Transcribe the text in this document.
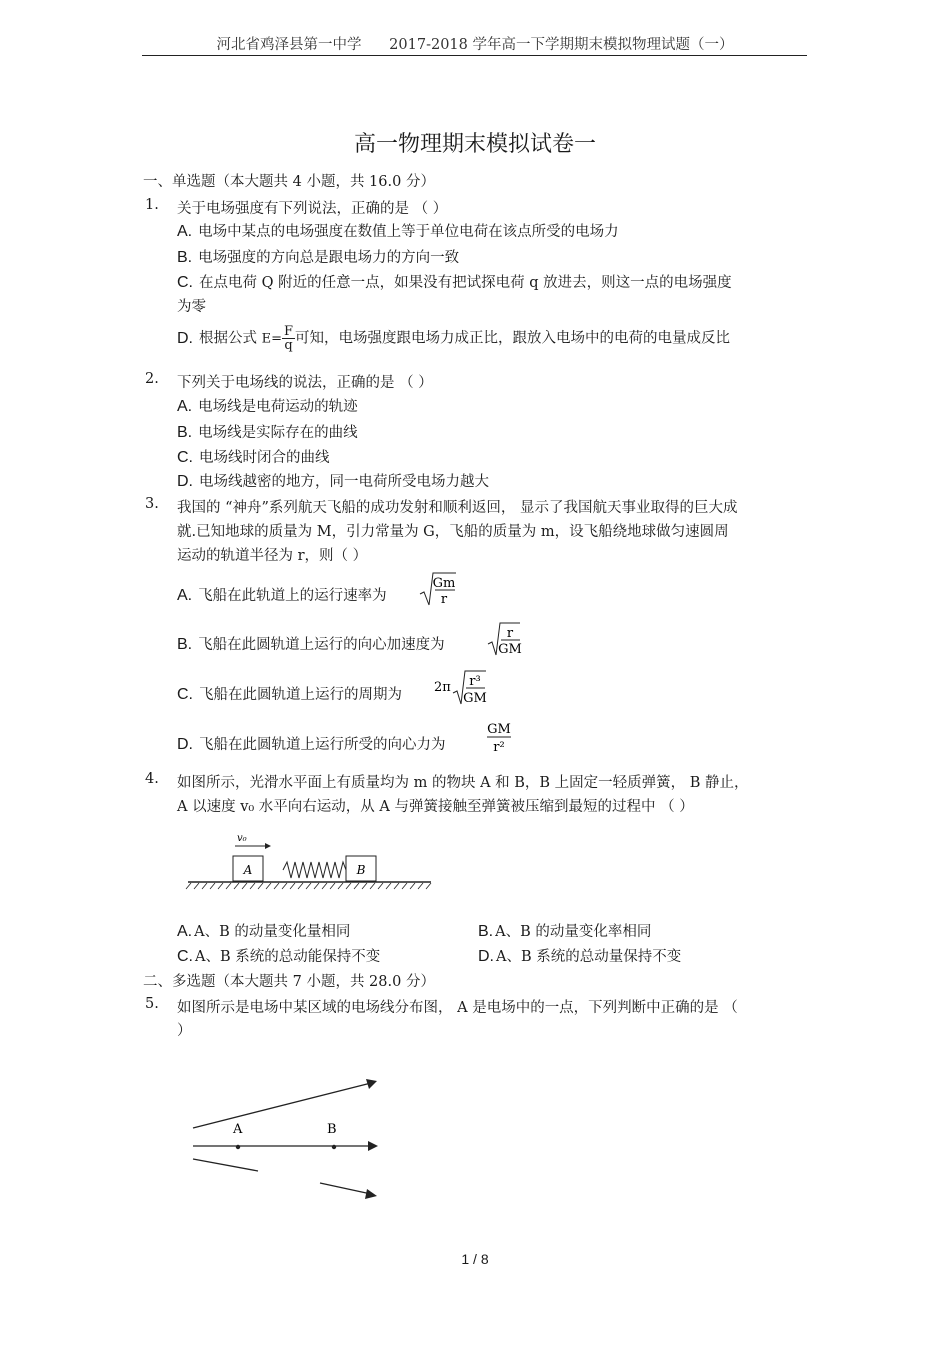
河北省鸡泽县第一中学 2017-2018 学年高一下学期期末模拟物理试题（一）
高一物理期末模拟试卷一
一、单选题（本大题共 4 小题，共 16.0 分）
1. 关于电场强度有下列说法，正确的是 （ ）
A. 电场中某点的电场强度在数值上等于单位电荷在该点所受的电场力
B. 电场强度的方向总是跟电场力的方向一致
C. 在点电荷 Q 附近的任意一点，如果没有把试探电荷 q 放进去，则这一点的电场强度
为零
D. 根据公式 $E= \frac{F}{q}$ 可知，电场强度跟电场力成正比，跟放入电场中的电荷的电量成反比
2. 下列关于电场线的说法，正确的是 （ ）
A. 电场线是电荷运动的轨迹
B. 电场线是实际存在的曲线
C. 电场线时闭合的曲线
D. 电场线越密的地方，同一电荷所受电场力越大
3. 我国的 “神舟”系列航天飞船的成功发射和顺利返回， 显示了我国航天事业取得的巨大成
就.已知地球的质量为 M，引力常量为 G，飞船的质量为 m，设飞船绕地球做匀速圆周
运动的轨道半径为 r，则（ ）
A. 飞船在此轨道上的运行速率为
Gm
r
B. 飞船在此圆轨道上运行的向心加速度为
r
GM
C. 飞船在此圆轨道上运行的周期为 2π r³
GM
D. 飞船在此圆轨道上运行所受的向心力为
GM
r²
4. 如图所示，光滑水平面上有质量均为 m 的物块 A 和 B，B 上固定一轻质弹簧， B 静止，
A 以速度 v₀ 水平向右运动，从 A 与弹簧接触至弹簧被压缩到最短的过程中 （ ）
v₀
A	B
A. A、B 的动量变化量相同	B. A、B 的动量变化率相同
C. A、B 系统的总动能保持不变	D. A、B 系统的总动量保持不变
二、多选题（本大题共 7 小题，共 28.0 分）
5. 如图所示是电场中某区域的电场线分布图， A 是电场中的一点，下列判断中正确的是 （
）
A	B
1 / 8
